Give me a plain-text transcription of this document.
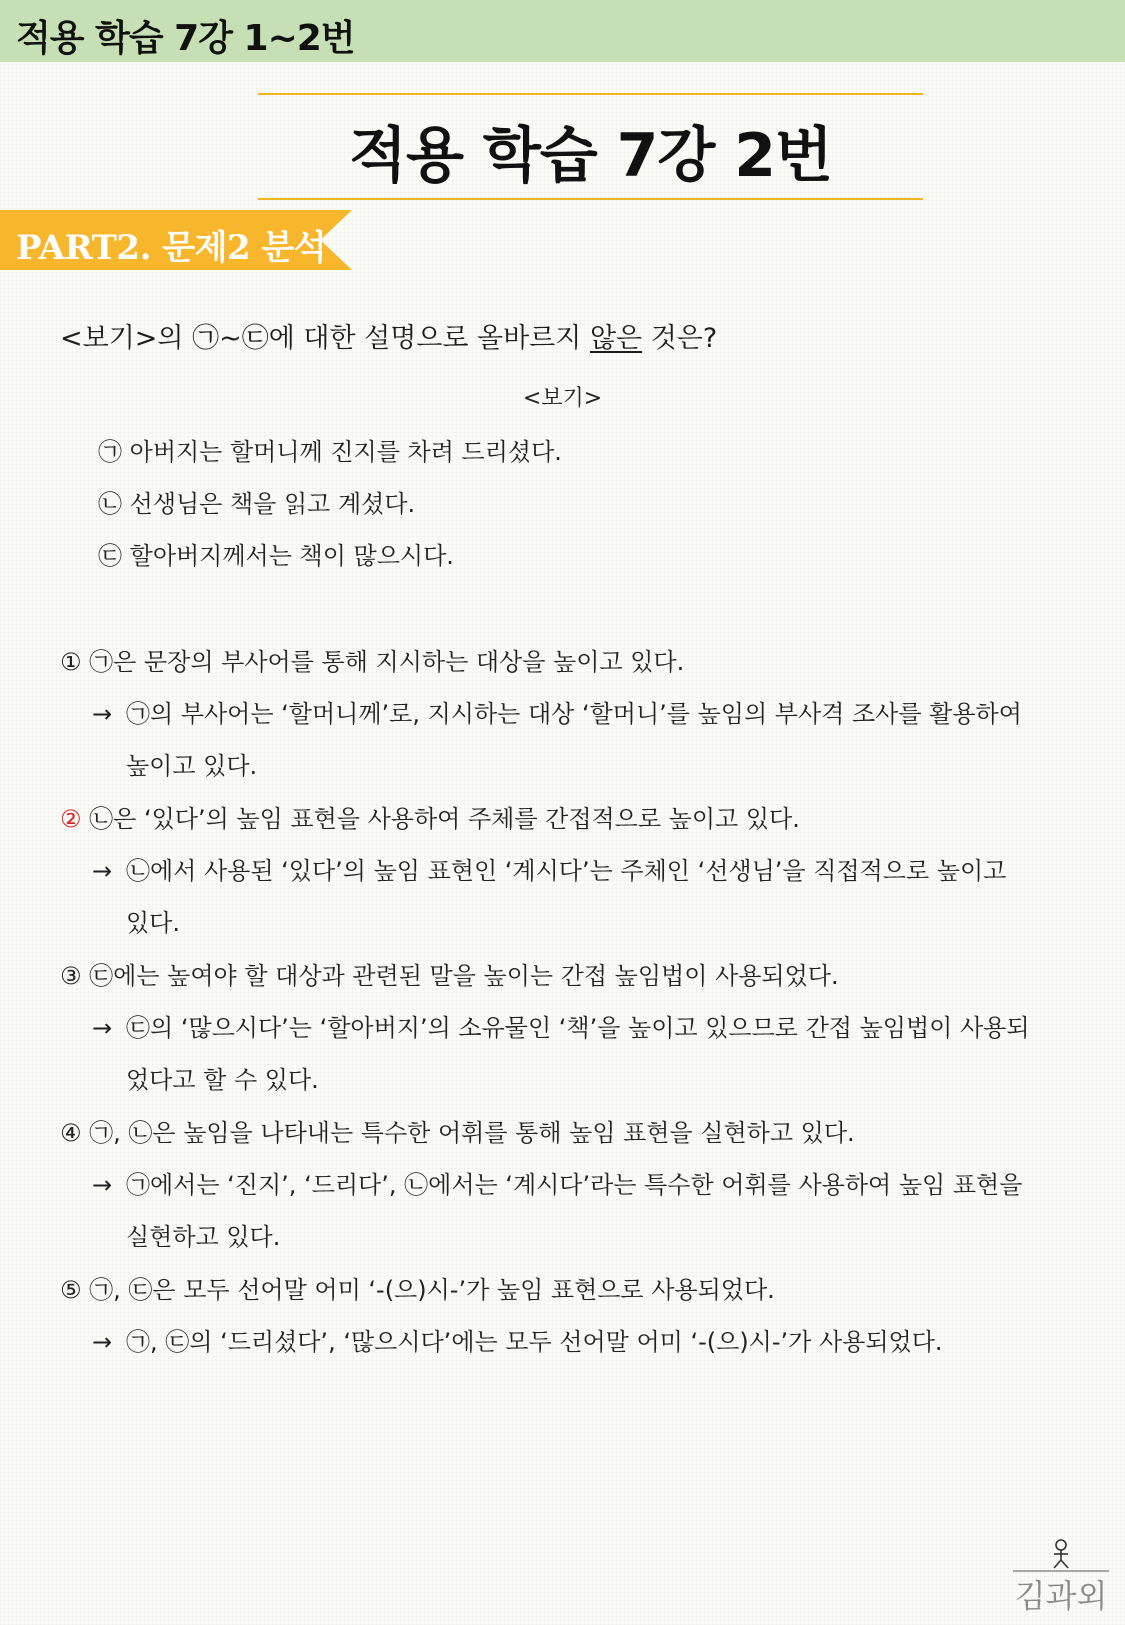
적용 학습 7강 1~2번
적용 학습 7강 2번
PART2. 문제2 분석
<보기>의 ㉠~㉢에 대한 설명으로 올바르지 않은 것은?
<보기>
㉠ 아버지는 할머니께 진지를 차려 드리셨다.
㉡ 선생님은 책을 읽고 계셨다.
㉢ 할아버지께서는 책이 많으시다.
① ㉠은 문장의 부사어를 통해 지시하는 대상을 높이고 있다.
→ ㉠의 부사어는 ‘할머니께’로, 지시하는 대상 ‘할머니’를 높임의 부사격 조사를 활용하여
높이고 있다.
② ㉡은 ‘있다’의 높임 표현을 사용하여 주체를 간접적으로 높이고 있다.
→ ㉡에서 사용된 ‘있다’의 높임 표현인 ‘계시다’는 주체인 ‘선생님’을 직접적으로 높이고
있다.
③ ㉢에는 높여야 할 대상과 관련된 말을 높이는 간접 높임법이 사용되었다.
→ ㉢의 ‘많으시다’는 ‘할아버지’의 소유물인 ‘책’을 높이고 있으므로 간접 높임법이 사용되
었다고 할 수 있다.
④ ㉠, ㉡은 높임을 나타내는 특수한 어휘를 통해 높임 표현을 실현하고 있다.
→ ㉠에서는 ‘진지’, ‘드리다’, ㉡에서는 ‘계시다’라는 특수한 어휘를 사용하여 높임 표현을
실현하고 있다.
⑤ ㉠, ㉢은 모두 선어말 어미 ‘-(으)시-’가 높임 표현으로 사용되었다.
→ ㉠, ㉢의 ‘드리셨다’, ‘많으시다’에는 모두 선어말 어미 ‘-(으)시-’가 사용되었다.
김과외
